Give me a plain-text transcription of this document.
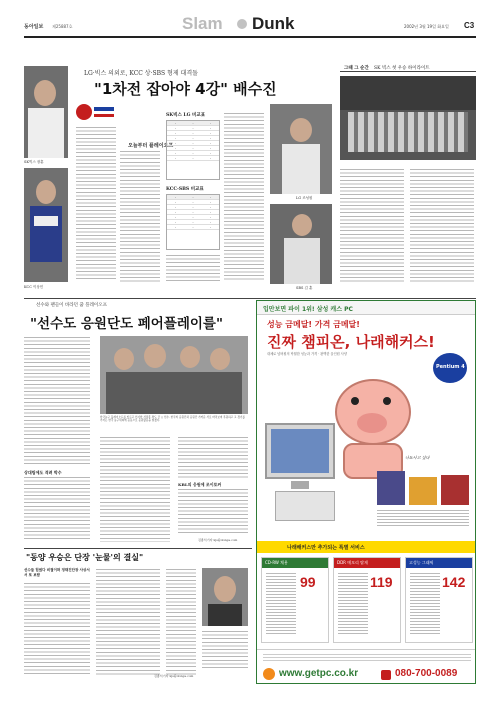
동아일보 제25887호	Slam Dunk	2002년 3월 19일 화요일 C3
LG·빅스 의외로, KCC 상·SBS 형제 대격돌
"1차전 잡아야 4강" 배수진
SK빅스 장훈
KCC 이상민
오늘부터 플레이오프
SK빅스 LG 비교표
·	·	·
·	·	·
·	·	·
·	·	·
·	·	·
·	·	·
·	·	·
·	·	·
KCC-SBS 비교표
·	·	·
·	·	·
·	·	·
·	·	·
·	·	·
·	·	·
·	·	·
LG 조성원
SBS 김 훈
그때 그 순간 SK 빅스 첫 우승 하이라이트
선수와 팬들이 바라던 꿈 플레이오프
"선수도 응원단도 페어플레이를"
한국농구 플레이오프를 앞두고 인사한 서장훈·박도 간 ○ 선수. 한국의 응원단과 응원단 가까운 서로 바라보며 후원하고 고 경기를 가자는 한국 농구대회에 공동으로 응원활동을 펼쳤다.
상대팀에도 격려 박수
KBL의 응원에 조이토커
김종석기자 kjs@donga.com
"동양 우승은 단장 '눈물'의 결실"
선수들 힘썼다 비결이며 정태진단장 사상서서 또 보람
김종석기자 kjs@donga.com
입만보면 파이 1위! 삼성 캐스 PC
성능 금메달! 가격 금메달!
진짜 챔피온, 나래해커스!
대체로 넘버원의 탁월한 성능과 가격 · 완벽한 올인원 사양
Pentium 4
나도사고 싶다
나래해커스만 추가되는 특별 서비스
CD-RW 채용
99
DDR 메모리 탑재
119
고성능 그래픽
142
www.getpc.co.kr	080-700-0089
